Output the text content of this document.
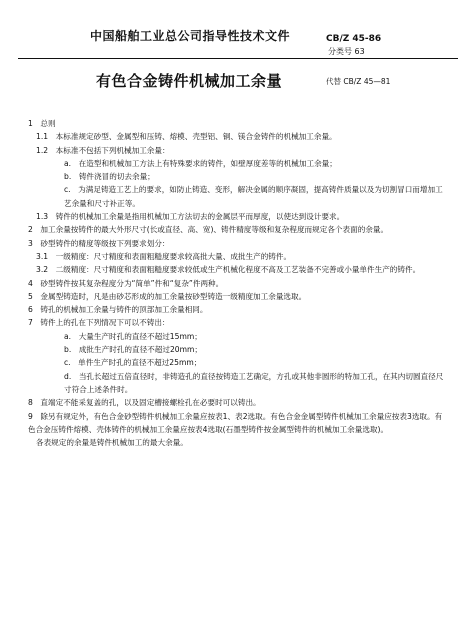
中国船舶工业总公司指导性技术文件	CB/Z 45-86
分类号 63
有色合金铸件机械加工余量	代替 CB/Z 45—81
1　总则
1.1　本标准规定砂型、金属型和压铸、熔模、壳型铝、铜、镁合金铸件的机械加工余量。
1.2　本标准不包括下列机械加工余量：
a.　在造型和机械加工方法上有特殊要求的铸件，如壁厚度差等的机械加工余量；
b.　铸件浇冒的切去余量；
c.　为满足铸造工艺上的要求，如防止铸造、变形，解决金属的顺序凝固，提高铸件质量以及为切割冒口而增加工艺余量和尺寸补正等。
1.3　铸件的机械加工余量是指用机械加工方法切去的金属层平而厚度，以使达到设计要求。
2　加工余量按铸件的最大外形尺寸(长或直径、高、宽)、铸件精度等级和复杂程度而规定各个表面的余量。
3　砂型铸件的精度等级按下列要求划分：
3.1　一级精度：尺寸精度和表面粗糙度要求较高批大量、成批生产的铸件。
3.2　二级精度：尺寸精度和表面粗糙度要求较低或生产机械化程度不高及工艺装备不完善或小量单件生产的铸件。
4　砂型铸件按其复杂程度分为“简单”件和“复杂”件两种。
5　金属型铸造时，凡是由砂芯形成的加工余量按砂型铸造一级精度加工余量选取。
6　铸孔的机械加工余量与铸件的顶部加工余量相同。
7　铸件上的孔在下列情况下可以不铸出：
a.　大量生产时孔的直径不超过15mm；
b.　成批生产时孔的直径不超过20mm；
c.　单件生产时孔的直径不超过25mm；
d.　当孔长超过五倍直径时，非铸造孔的直径按铸造工艺确定，方孔或其他非圆形的特加工孔，在其内切圆直径尺寸符合上述条件时。
8　直端定不能采复盖的孔，以及固定槽接螺栓孔在必要时可以铸出。
9　除另有规定外，有色合金砂型铸件机械加工余量应按表1、表2选取。有色合金金属型铸件机械加工余量应按表3选取。有色合金压铸件熔模、壳体铸件的机械加工余量应按表4选取(石墨型铸件按金属型铸件的机械加工余量选取)。
各表规定的余量是铸件机械加工的最大余量。
